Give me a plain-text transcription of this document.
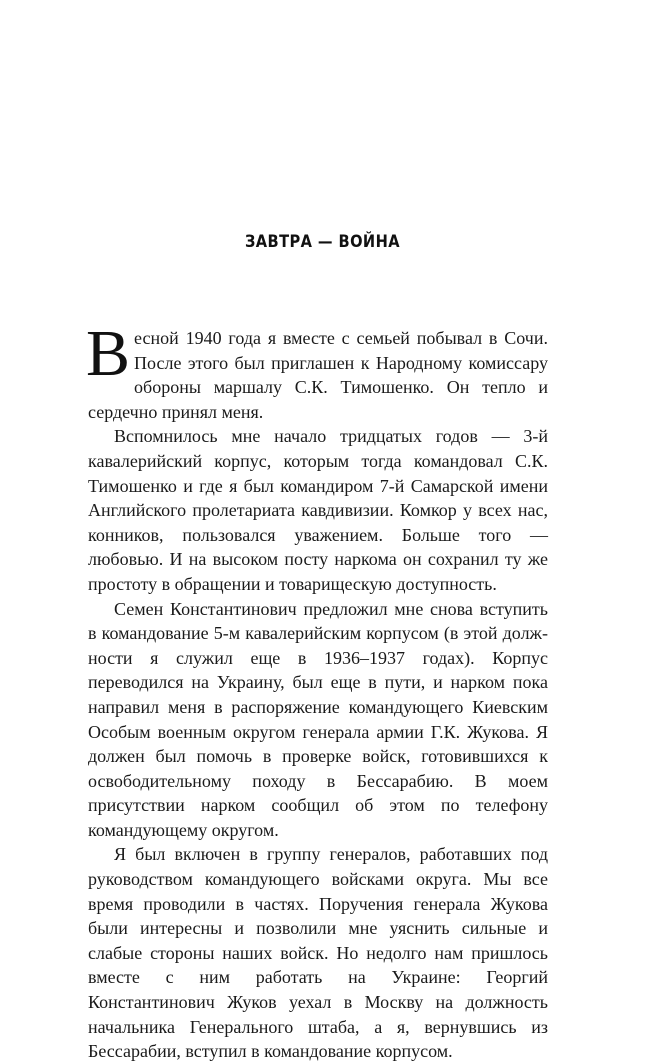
ЗАВТРА — ВОЙНА

Весной 1940 года я вместе с семьей побывал в Сочи. После этого был приглашен к Народному комиссару обороны маршалу С.К. Тимошенко. Он тепло и сердечно принял меня.

Вспомнилось мне начало тридцатых годов — 3-й кавалерийский корпус, которым тогда командовал С.К. Тимошенко и где я был командиром 7-й Самарской имени Английского пролетариата кавдивизии. Комкор у всех нас, конников, пользовался уважением. Больше того — любовью. И на высоком посту наркома он сохранил ту же простоту в обращении и товарищескую доступность.

Семен Константинович предложил мне снова вступить в командование 5-м кавалерийским корпусом (в этой должности я служил еще в 1936–1937 годах). Корпус переводился на Украину, был еще в пути, и нарком пока направил меня в распоряжение командующего Киевским Особым военным округом генерала армии Г.К. Жукова. Я должен был помочь в проверке войск, готовившихся к освободительному походу в Бессарабию. В моем присутствии нарком сообщил об этом по телефону командующему округом.

Я был включен в группу генералов, работавших под руководством командующего войсками округа. Мы все время проводили в частях. Поручения генерала Жукова были интересны и позволили мне уяснить сильные и слабые стороны наших войск. Но недолго нам пришлось вместе с ним работать на Украине: Георгий Константинович Жуков уехал в Москву на должность начальника Генерального штаба, а я, вернувшись из Бессарабии, вступил в командование корпусом.
